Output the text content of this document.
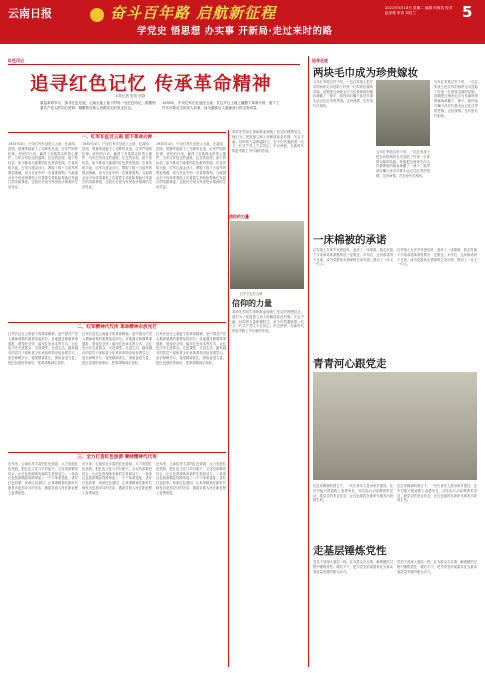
云南日报	奋斗百年路 启航新征程
学党史 悟思想 办实事 开新局·走过来时的路
2021年5月18日 星期二 编辑 何海英 校对 赵家骏 审读 刘桂兰	5
红色印记
追寻红色记忆 传承革命精神
本报记者 张旭 何群
重温革命岁月，探寻红色足迹。云南大地上留下的每一处红色印记，都镌刻着共产党人的初心使命，凝聚着各族人民跟党走的坚定信念。
1935年，中央红军长征途经云南，在这片红土地上播撒下革命火种，留下了许多可歌可泣的动人故事，成为激励后人砥砺前行的宝贵财富。
一、红军长征过云南 留下革命火种
1935年4月，中央红军长征进入云南，在曲靖、昆明、楚雄等地留下了光辉的足迹。红军严明的纪律、爱民的行动，赢得了各族群众的衷心拥护。当年红军经过的道路、住过的房屋、留下的标语，如今都成为重要的红色教育资源。在禄劝皎平渡，红军巧渡金沙江，摆脱了数十万敌军的围追堵截，成为长征中的一次重要胜利。当地群众至今仍传颂着船工们冒着生命危险帮助红军渡江的英雄事迹，这段历史成为军民鱼水情深的生动见证。
1935年4月，中央红军长征进入云南，在曲靖、昆明、楚雄等地留下了光辉的足迹。红军严明的纪律、爱民的行动，赢得了各族群众的衷心拥护。当年红军经过的道路、住过的房屋、留下的标语，如今都成为重要的红色教育资源。在禄劝皎平渡，红军巧渡金沙江，摆脱了数十万敌军的围追堵截，成为长征中的一次重要胜利。当地群众至今仍传颂着船工们冒着生命危险帮助红军渡江的英雄事迹，这段历史成为军民鱼水情深的生动见证。
1935年4月，中央红军长征进入云南，在曲靖、昆明、楚雄等地留下了光辉的足迹。红军严明的纪律、爱民的行动，赢得了各族群众的衷心拥护。当年红军经过的道路、住过的房屋、留下的标语，如今都成为重要的红色教育资源。在禄劝皎平渡，红军巧渡金沙江，摆脱了数十万敌军的围追堵截，成为长征中的一次重要胜利。当地群众至今仍传颂着船工们冒着生命危险帮助红军渡江的英雄事迹，这段历史成为军民鱼水情深的生动见证。
二、红军精神代代传 革命精神永放光芒
红军长征在云南留下的革命精神，是中国共产党人精神谱系的重要组成部分。各地通过修缮革命遗址、建设纪念馆、编写红色读本等方式，让红色历史走进群众、走进课堂、走进生活。越来越多的党员干部和青少年来到革命旧址参观学习，追忆峥嵘岁月，接受精神洗礼，汲取奋进力量，把红色基因传承好、把革命精神弘扬好。
红军长征在云南留下的革命精神，是中国共产党人精神谱系的重要组成部分。各地通过修缮革命遗址、建设纪念馆、编写红色读本等方式，让红色历史走进群众、走进课堂、走进生活。越来越多的党员干部和青少年来到革命旧址参观学习，追忆峥嵘岁月，接受精神洗礼，汲取奋进力量，把红色基因传承好、把革命精神弘扬好。
红军长征在云南留下的革命精神，是中国共产党人精神谱系的重要组成部分。各地通过修缮革命遗址、建设纪念馆、编写红色读本等方式，让红色历史走进群众、走进课堂、走进生活。越来越多的党员干部和青少年来到革命旧址参观学习，追忆峥嵘岁月，接受精神洗礼，汲取奋进力量，把红色基因传承好、把革命精神弘扬好。
三、全力打造红色旅游 赓续精神代代传
近年来，云南依托丰富的红色资源，大力发展红色旅游，把红色文化与乡村振兴、文化传承紧密结合，让红色资源焕发新的生机和活力。一条条红色旅游精品线路串起了一个个革命遗址，讲好红色故事，传承红色基因，让革命精神在新时代焕发出更加夺目的光彩，激励各族人民在新征程上奋勇前进。
近年来，云南依托丰富的红色资源，大力发展红色旅游，把红色文化与乡村振兴、文化传承紧密结合，让红色资源焕发新的生机和活力。一条条红色旅游精品线路串起了一个个革命遗址，讲好红色故事，传承红色基因，让革命精神在新时代焕发出更加夺目的光彩，激励各族人民在新征程上奋勇前进。
近年来，云南依托丰富的红色资源，大力发展红色旅游，把红色文化与乡村振兴、文化传承紧密结合，让红色资源焕发新的生机和活力。一条条红色旅游精品线路串起了一个个革命遗址，讲好红色故事，传承红色基因，让革命精神在新时代焕发出更加夺目的光彩，激励各族人民在新征程上奋勇前进。
革命先烈用生命和鲜血铸就了坚定的理想信念，他们为了民族独立和人民解放前赴后继，矢志不渝。信仰的力量跨越时空，至今仍然激励着一代又一代共产党人不忘初心、牢记使命，在新时代的赶考路上书写新的答卷。
信仰的力量
红军长征纪念碑
信仰的力量
革命先烈用生命和鲜血铸就了坚定的理想信念，他们为了民族独立和人民解放前赴后继，矢志不渝。信仰的力量跨越时空，至今仍然激励着一代又一代共产党人不忘初心、牢记使命，在新时代的赶考路上书写新的答卷。
追寻足迹
两块毛巾成为珍贵嫁妆
当年红军路过村子时，一位红军战士把仅有的两块毛巾送给了村里一位即将出嫁的姑娘。姑娘把这两块毛巾当作最珍贵的嫁妆珍藏了一辈子，临终前叮嘱子孙后代要永远记住红军的恩情。这份深情，在村里代代相传。
当年红军路过村子时，一位红军战士把仅有的两块毛巾送给了村里一位即将出嫁的姑娘。姑娘把这两块毛巾当作最珍贵的嫁妆珍藏了一辈子，临终前叮嘱子孙后代要永远记住红军的恩情。这份深情，在村里代代相传。
当年红军路过村子时，一位红军战士把仅有的两块毛巾送给了村里一位即将出嫁的姑娘。姑娘把这两块毛巾当作最珍贵的嫁妆珍藏了一辈子，临终前叮嘱子孙后代要永远记住红军的恩情。这份深情，在村里代代相传。
一床棉被的承诺
红军战士在老乡家借住时，盖坏了一床棉被，临走时留下字条承诺革命胜利后一定赔还。多年后，这份承诺终于兑现，成为党群鱼水情深的生动写照，感动了一代又一代人。
红军战士在老乡家借住时，盖坏了一床棉被，临走时留下字条承诺革命胜利后一定赔还。多年后，这份承诺终于兑现，成为党群鱼水情深的生动写照，感动了一代又一代人。
青青河心跟党走
在红军精神的感召下，一代代青年人投身家乡建设，在乡村振兴的道路上奋勇争先，用实际行动诠释着听党话、跟党走的坚定信念，让红色基因在新时代焕发出勃勃生机。
在红军精神的感召下，一代代青年人投身家乡建设，在乡村振兴的道路上奋勇争先，用实际行动诠释着听党话、跟党走的坚定信念，让红色基因在新时代焕发出勃勃生机。
走基层锤炼党性
党员干部深入基层一线，在为群众办实事、解难题的过程中锤炼党性、增长才干，把学党史的成果转化为推动高质量发展的强大动力。
党员干部深入基层一线，在为群众办实事、解难题的过程中锤炼党性、增长才干，把学党史的成果转化为推动高质量发展的强大动力。
